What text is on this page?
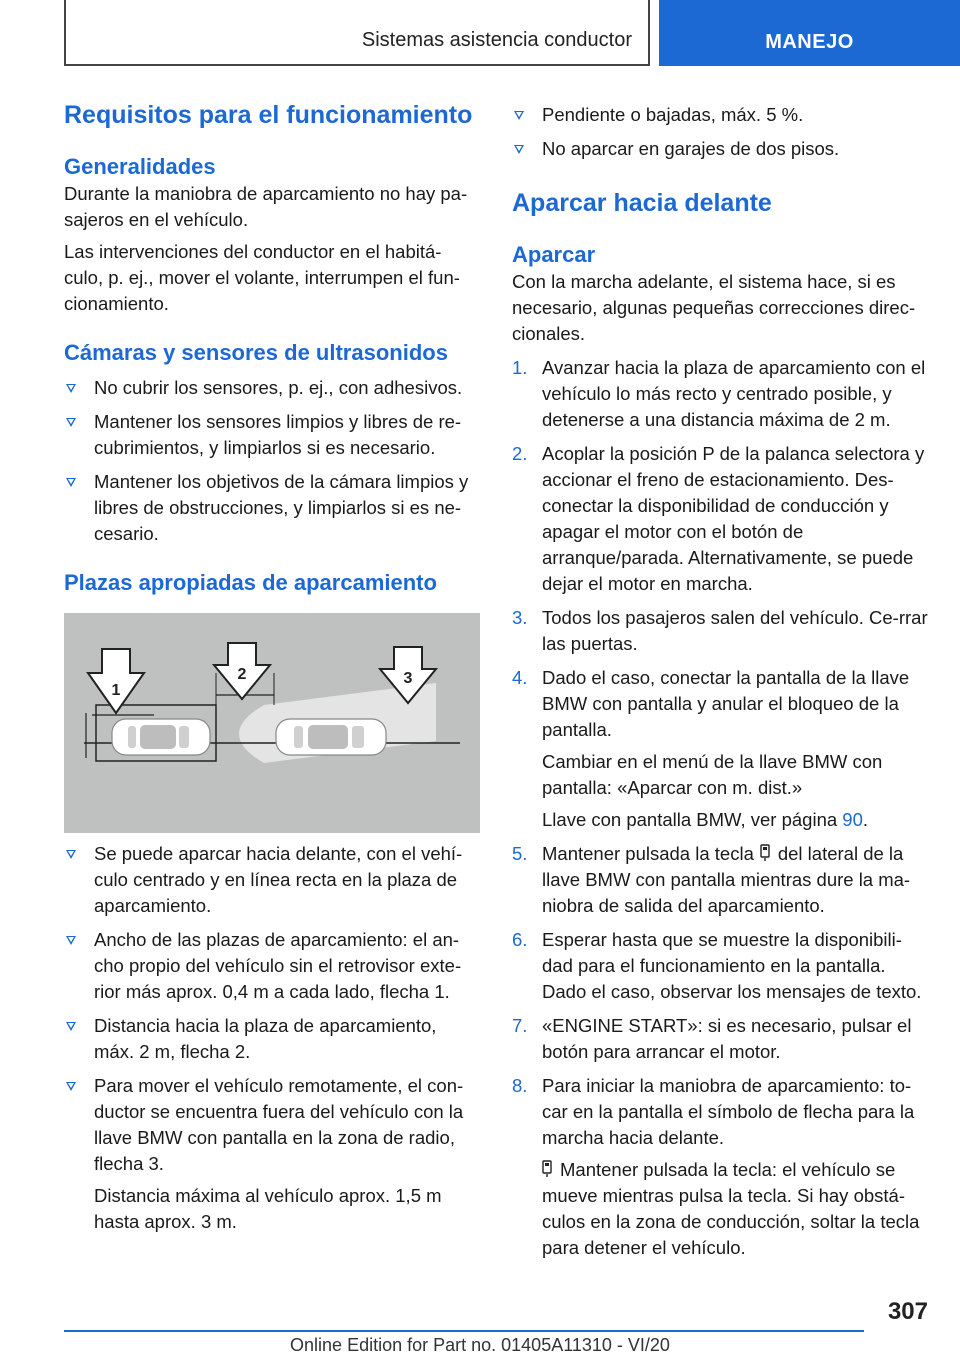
Sistemas asistencia conductor	MANEJO
Requisitos para el funcionamiento
Generalidades
Durante la maniobra de aparcamiento no hay pa-sajeros en el vehículo.
Las intervenciones del conductor en el habitá-culo, p. ej., mover el volante, interrumpen el fun-cionamiento.
Cámaras y sensores de ultrasonidos
No cubrir los sensores, p. ej., con adhesivos.
Mantener los sensores limpios y libres de re-cubrimientos, y limpiarlos si es necesario.
Mantener los objetivos de la cámara limpios y libres de obstrucciones, y limpiarlos si es ne-cesario.
Plazas apropiadas de aparcamiento
1
2	3
Se puede aparcar hacia delante, con el vehí-culo centrado y en línea recta en la plaza de aparcamiento.
Ancho de las plazas de aparcamiento: el an-cho propio del vehículo sin el retrovisor exte-rior más aprox. 0,4 m a cada lado, flecha 1.
Distancia hacia la plaza de aparcamiento, máx. 2 m, flecha 2.
Para mover el vehículo remotamente, el con-ductor se encuentra fuera del vehículo con la llave BMW con pantalla en la zona de radio, flecha 3.
Distancia máxima al vehículo aprox. 1,5 m hasta aprox. 3 m.
Pendiente o bajadas, máx. 5 %.
No aparcar en garajes de dos pisos.
Aparcar hacia delante
Aparcar
Con la marcha adelante, el sistema hace, si es necesario, algunas pequeñas correcciones direc-cionales.
1. Avanzar hacia la plaza de aparcamiento con el vehículo lo más recto y centrado posible, y detenerse a una distancia máxima de 2 m.
2. Acoplar la posición P de la palanca selectora y accionar el freno de estacionamiento. Des-conectar la disponibilidad de conducción y apagar el motor con el botón de arranque/parada. Alternativamente, se puede dejar el motor en marcha.
3. Todos los pasajeros salen del vehículo. Ce-rrar las puertas.
4. Dado el caso, conectar la pantalla de la llave BMW con pantalla y anular el bloqueo de la pantalla.
Cambiar en el menú de la llave BMW con pantalla: «Aparcar con m. dist.»
Llave con pantalla BMW, ver página 90.
5. Mantener pulsada la tecla del lateral de la llave BMW con pantalla mientras dure la ma-niobra de salida del aparcamiento.
6. Esperar hasta que se muestre la disponibili-dad para el funcionamiento en la pantalla. Dado el caso, observar los mensajes de texto.
7. «ENGINE START»: si es necesario, pulsar el botón para arrancar el motor.
8. Para iniciar la maniobra de aparcamiento: to-car en la pantalla el símbolo de flecha para la marcha hacia delante.
Mantener pulsada la tecla: el vehículo se mueve mientras pulsa la tecla. Si hay obstá-culos en la zona de conducción, soltar la tecla para detener el vehículo.
307
Online Edition for Part no. 01405A11310 - VI/20
